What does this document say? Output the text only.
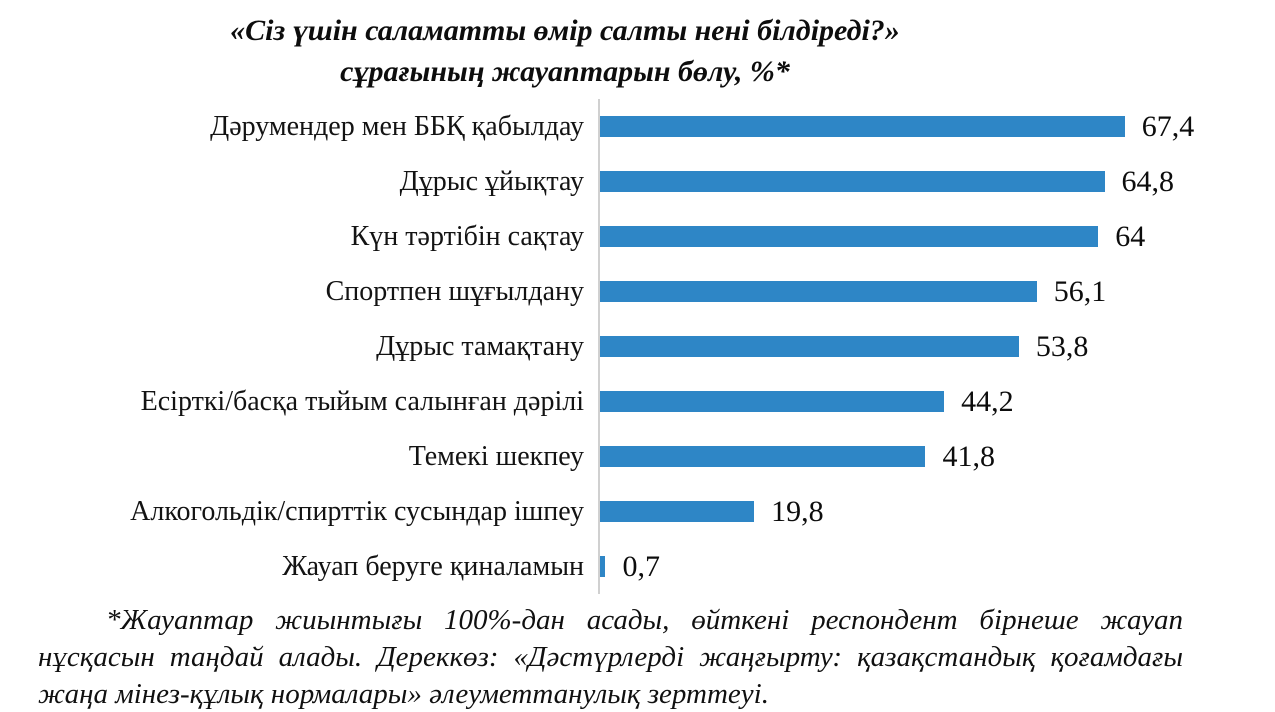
«Сіз үшін саламатты өмір салты нені білдіреді?»
сұрағының жауаптарын бөлу, %*
Дәрумендер мен ББҚ қабылдау	67,4
Дұрыс ұйықтау	64,8
Күн тәртібін сақтау	64
Спортпен шұғылдану	56,1
Дұрыс тамақтану	53,8
Есірткі/басқа тыйым салынған дәрілі	44,2
Темекі шекпеу	41,8
Алкогольдік/спирттік сусындар ішпеу	19,8
Жауап беруге қиналамын	0,7

*Жауаптар жиынтығы 100%-дан асады, өйткені респондент бірнеше жауап нұсқасын таңдай алады. Дереккөз: «Дәстүрлерді жаңғырту: қазақстандық қоғамдағы жаңа мінез-құлық нормалары» әлеуметтанулық зерттеуі.
